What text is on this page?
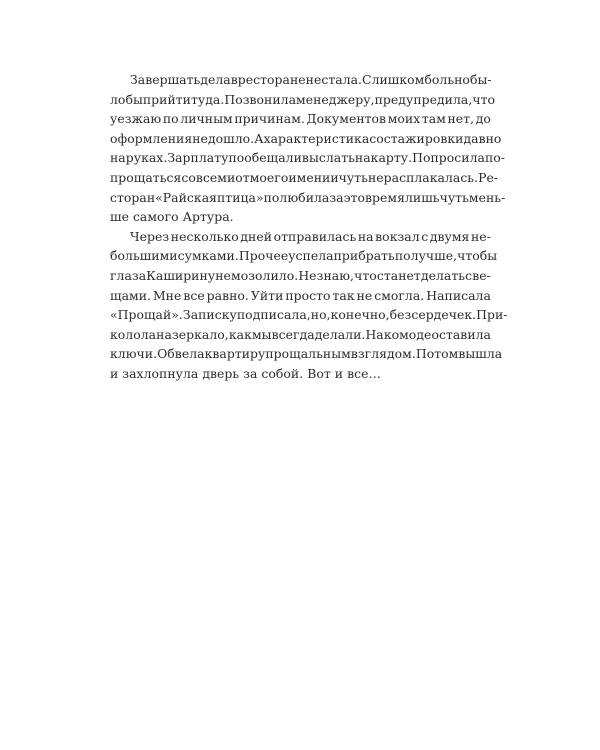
Завершать дела в ресторане не стала. Слишком больно бы-
ло бы прийти туда. Позвонила менеджеру, предупредила, что
уезжаю по личным причинам. Документов моих там нет, до
оформления не дошло. А характеристика со стажировки давно
на руках. Зарплату пообещали выслать на карту. Попросила по-
прощаться со всеми от моего имени и чуть не расплакалась. Ре-
сторан «Райская птица» полюбила за это время лишь чуть мень-
ше самого Артура.
Через несколько дней отправилась на вокзал с двумя не-
большими сумками. Прочее успела прибрать получше, чтобы
глаза Каширину не мозолило. Не знаю, что станет делать с ве-
щами. Мне все равно. Уйти просто так не смогла. Написала
«Прощай». Записку подписала, но, конечно, без сердечек. При-
колола на зеркало, как мы всегда делали. На комоде оставила
ключи. Обвела квартиру прощальным взглядом. Потом вышла
и захлопнула дверь за собой. Вот и все…
